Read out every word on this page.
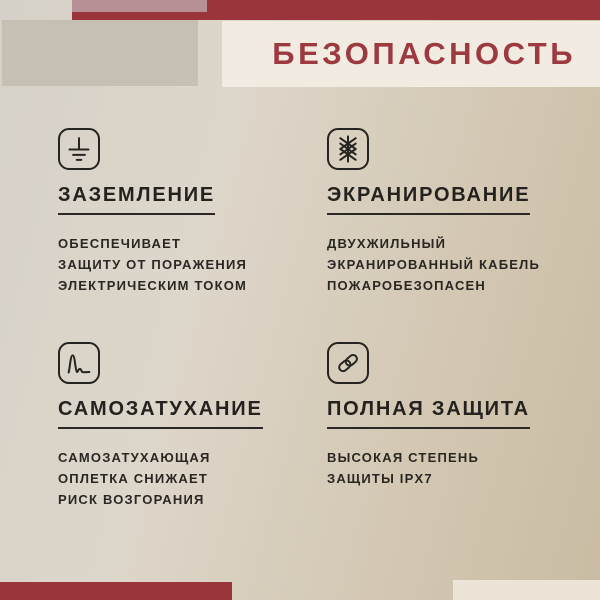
БЕЗОПАСНОСТЬ
ЗАЗЕМЛЕНИЕ

ОБЕСПЕЧИВАЕТ
ЗАЩИТУ ОТ ПОРАЖЕНИЯ
ЭЛЕКТРИЧЕСКИМ ТОКОМ

ЭКРАНИРОВАНИЕ

ДВУХЖИЛЬНЫЙ
ЭКРАНИРОВАННЫЙ КАБЕЛЬ
ПОЖАРОБЕЗОПАСЕН

САМОЗАТУХАНИЕ

САМОЗАТУХАЮЩАЯ
ОПЛЕТКА СНИЖАЕТ
РИСК ВОЗГОРАНИЯ

ПОЛНАЯ ЗАЩИТА

ВЫСОКАЯ СТЕПЕНЬ
ЗАЩИТЫ IPX7
